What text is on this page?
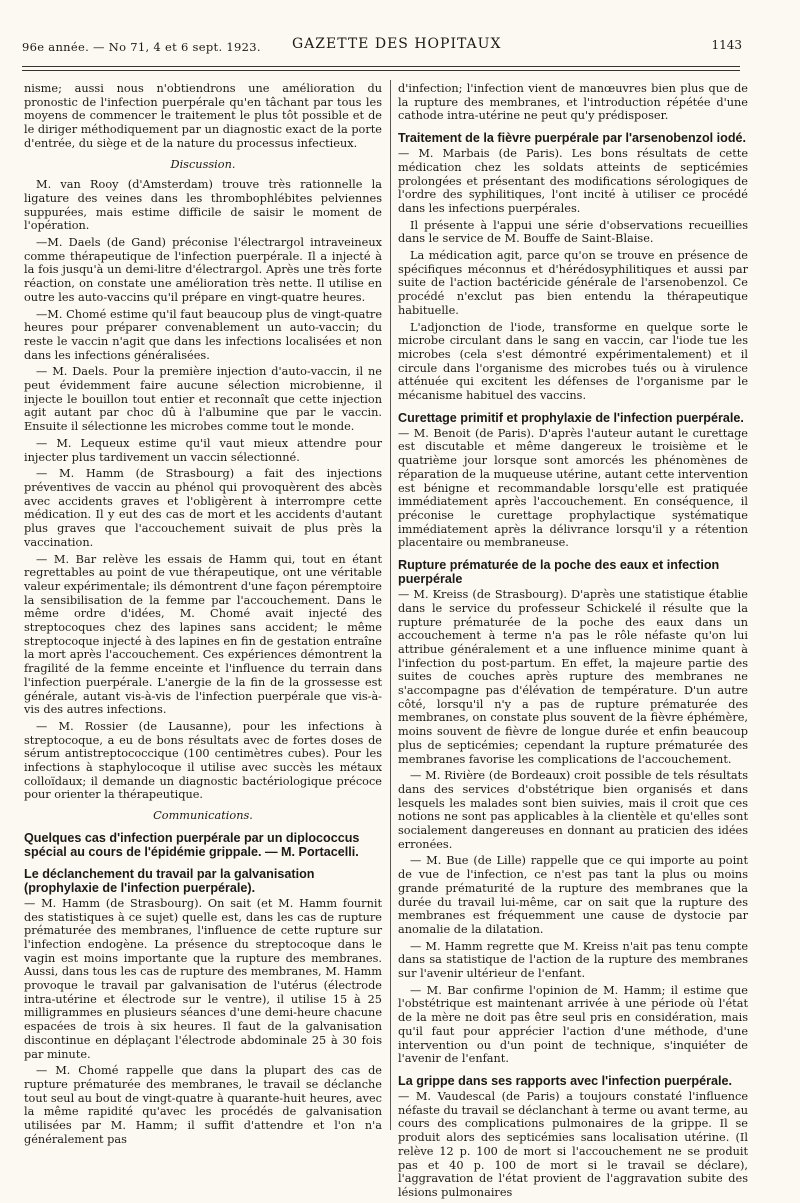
96e année. — No 71, 4 et 6 sept. 1923. GAZETTE DES HOPITAUX	1143

nisme; aussi nous n'obtiendrons une amélioration du pronostic de l'infection puerpérale qu'en tâchant par tous les moyens de commencer le traitement le plus tôt possible et de le diriger méthodiquement par un diagnostic exact de la porte d'entrée, du siège et de la nature du processus infectieux.

Discussion.

M. van Rooy (d'Amsterdam) trouve très rationnelle la ligature des veines dans les thrombophlébites pelviennes suppurées, mais estime difficile de saisir le moment de l'opération.

—M. Daels (de Gand) préconise l'électrargol intraveineux comme thérapeutique de l'infection puerpérale. Il a injecté à la fois jusqu'à un demi-litre d'électrargol. Après une très forte réaction, on constate une amélioration très nette. Il utilise en outre les auto-vaccins qu'il prépare en vingt-quatre heures.

—M. Chomé estime qu'il faut beaucoup plus de vingt-quatre heures pour préparer convenablement un auto-vaccin; du reste le vaccin n'agit que dans les infections localisées et non dans les infections généralisées.

— M. Daels. Pour la première injection d'auto-vaccin, il ne peut évidemment faire aucune sélection microbienne, il injecte le bouillon tout entier et reconnaît que cette injection agit autant par choc dû à l'albumine que par le vaccin. Ensuite il sélectionne les microbes comme tout le monde.

— M. Lequeux estime qu'il vaut mieux attendre pour injecter plus tardivement un vaccin sélectionné.

— M. Hamm (de Strasbourg) a fait des injections préventives de vaccin au phénol qui provoquèrent des abcès avec accidents graves et l'obligèrent à interrompre cette médication. Il y eut des cas de mort et les accidents d'autant plus graves que l'accouchement suivait de plus près la vaccination.

— M. Bar relève les essais de Hamm qui, tout en étant regrettables au point de vue thérapeutique, ont une véritable valeur expérimentale; ils démontrent d'une façon péremptoire la sensibilisation de la femme par l'accouchement. Dans le même ordre d'idées, M. Chomé avait injecté des streptocoques chez des lapines sans accident; le même streptocoque injecté à des lapines en fin de gestation entraîne la mort après l'accouchement. Ces expériences démontrent la fragilité de la femme enceinte et l'influence du terrain dans l'infection puerpérale. L'anergie de la fin de la grossesse est générale, autant vis-à-vis de l'infection puerpérale que vis-à-vis des autres infections.

— M. Rossier (de Lausanne), pour les infections à streptocoque, a eu de bons résultats avec de fortes doses de sérum antistreptococcique (100 centimètres cubes). Pour les infections à staphylocoque il utilise avec succès les métaux colloïdaux; il demande un diagnostic bactériologique précoce pour orienter la thérapeutique.

Communications.

Quelques cas d'infection puerpérale par un diplococcus spécial au cours de l'épidémie grippale. — M. Portacelli.

Le déclanchement du travail par la galvanisation (prophylaxie de l'infection puerpérale).

— M. Hamm (de Strasbourg). On sait (et M. Hamm fournit des statistiques à ce sujet) quelle est, dans les cas de rupture prématurée des membranes, l'influence de cette rupture sur l'infection endogène. La présence du streptocoque dans le vagin est moins importante que la rupture des membranes. Aussi, dans tous les cas de rupture des membranes, M. Hamm provoque le travail par galvanisation de l'utérus (électrode intra-utérine et électrode sur le ventre), il utilise 15 à 25 milligrammes en plusieurs séances d'une demi-heure chacune espacées de trois à six heures. Il faut de la galvanisation discontinue en déplaçant l'électrode abdominale 25 à 30 fois par minute.

— M. Chomé rappelle que dans la plupart des cas de rupture prématurée des membranes, le travail se déclanche tout seul au bout de vingt-quatre à quarante-huit heures, avec la même rapidité qu'avec les procédés de galvanisation utilisées par M. Hamm; il suffit d'attendre et l'on n'a généralement pas

d'infection; l'infection vient de manœuvres bien plus que de la rupture des membranes, et l'introduction répétée d'une cathode intra-utérine ne peut qu'y prédisposer.

Traitement de la fièvre puerpérale par l'arsenobenzol iodé.

— M. Marbais (de Paris). Les bons résultats de cette médication chez les soldats atteints de septicémies prolongées et présentant des modifications sérologiques de l'ordre des syphilitiques, l'ont incité à utiliser ce procédé dans les infections puerpérales.

Il présente à l'appui une série d'observations recueillies dans le service de M. Bouffe de Saint-Blaise.

La médication agit, parce qu'on se trouve en présence de spécifiques méconnus et d'hérédosyphilitiques et aussi par suite de l'action bactéricide générale de l'arsenobenzol. Ce procédé n'exclut pas bien entendu la thérapeutique habituelle.

L'adjonction de l'iode, transforme en quelque sorte le microbe circulant dans le sang en vaccin, car l'iode tue les microbes (cela s'est démontré expérimentalement) et il circule dans l'organisme des microbes tués ou à virulence atténuée qui excitent les défenses de l'organisme par le mécanisme habituel des vaccins.

Curettage primitif et prophylaxie de l'infection puerpérale.

— M. Benoit (de Paris). D'après l'auteur autant le curettage est discutable et même dangereux le troisième et le quatrième jour lorsque sont amorcés les phénomènes de réparation de la muqueuse utérine, autant cette intervention est bénigne et recommandable lorsqu'elle est pratiquée immédiatement après l'accouchement. En conséquence, il préconise le curettage prophylactique systématique immédiatement après la délivrance lorsqu'il y a rétention placentaire ou membraneuse.

Rupture prématurée de la poche des eaux et infection puerpérale

— M. Kreiss (de Strasbourg). D'après une statistique établie dans le service du professeur Schickelé il résulte que la rupture prématurée de la poche des eaux dans un accouchement à terme n'a pas le rôle néfaste qu'on lui attribue généralement et a une influence minime quant à l'infection du post-partum. En effet, la majeure partie des suites de couches après rupture des membranes ne s'accompagne pas d'élévation de température. D'un autre côté, lorsqu'il n'y a pas de rupture prématurée des membranes, on constate plus souvent de la fièvre éphémère, moins souvent de fièvre de longue durée et enfin beaucoup plus de septicémies; cependant la rupture prématurée des membranes favorise les complications de l'accouchement.

— M. Rivière (de Bordeaux) croit possible de tels résultats dans des services d'obstétrique bien organisés et dans lesquels les malades sont bien suivies, mais il croit que ces notions ne sont pas applicables à la clientèle et qu'elles sont socialement dangereuses en donnant au praticien des idées erronées.

— M. Bue (de Lille) rappelle que ce qui importe au point de vue de l'infection, ce n'est pas tant la plus ou moins grande prématurité de la rupture des membranes que la durée du travail lui-même, car on sait que la rupture des membranes est fréquemment une cause de dystocie par anomalie de la dilatation.

— M. Hamm regrette que M. Kreiss n'ait pas tenu compte dans sa statistique de l'action de la rupture des membranes sur l'avenir ultérieur de l'enfant.

— M. Bar confirme l'opinion de M. Hamm; il estime que l'obstétrique est maintenant arrivée à une période où l'état de la mère ne doit pas être seul pris en considération, mais qu'il faut pour apprécier l'action d'une méthode, d'une intervention ou d'un point de technique, s'inquiéter de l'avenir de l'enfant.

La grippe dans ses rapports avec l'infection puerpérale.

— M. Vaudescal (de Paris) a toujours constaté l'influence néfaste du travail se déclanchant à terme ou avant terme, au cours des complications pulmonaires de la grippe. Il se produit alors des septicémies sans localisation utérine. (Il relève 12 p. 100 de mort si l'accouchement ne se produit pas et 40 p. 100 de mort si le travail se déclare), l'aggravation de l'état provient de l'aggravation subite des lésions pulmonaires
